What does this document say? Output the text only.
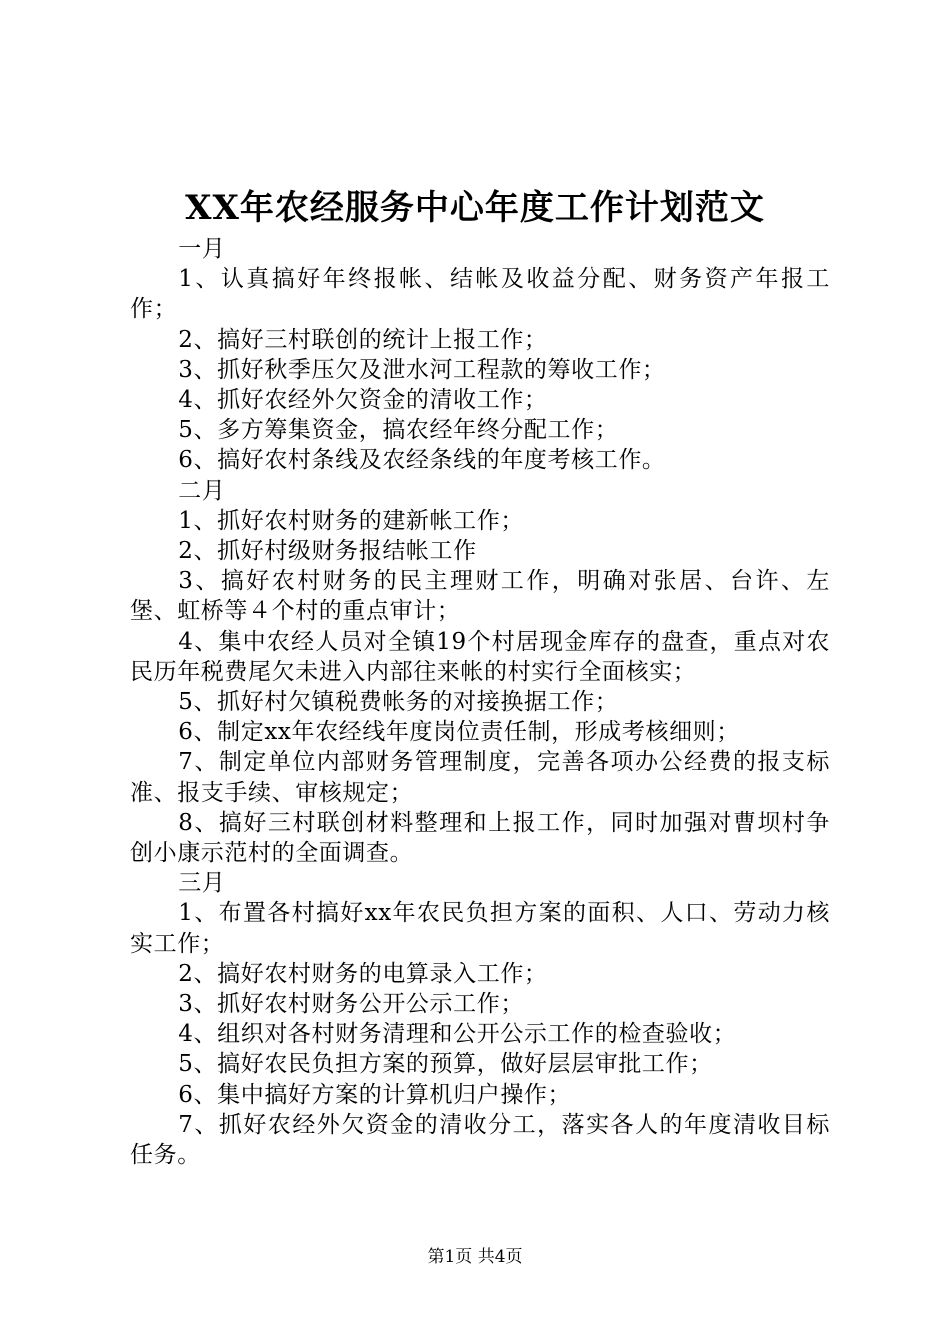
XX年农经服务中心年度工作计划范文

一月

1、认真搞好年终报帐、结帐及收益分配、财务资产年报工作；

2、搞好三村联创的统计上报工作；

3、抓好秋季压欠及泄水河工程款的筹收工作；

4、抓好农经外欠资金的清收工作；

5、多方筹集资金，搞农经年终分配工作；

6、搞好农村条线及农经条线的年度考核工作。

二月

1、抓好农村财务的建新帐工作；

2、抓好村级财务报结帐工作

3、搞好农村财务的民主理财工作，明确对张居、台许、左堡、虹桥等４个村的重点审计；

4、集中农经人员对全镇19个村居现金库存的盘查，重点对农民历年税费尾欠未进入内部往来帐的村实行全面核实；

5、抓好村欠镇税费帐务的对接换据工作；

6、制定xx年农经线年度岗位责任制，形成考核细则；

7、制定单位内部财务管理制度，完善各项办公经费的报支标准、报支手续、审核规定；

8、搞好三村联创材料整理和上报工作，同时加强对曹坝村争创小康示范村的全面调查。

三月

1、布置各村搞好xx年农民负担方案的面积、人口、劳动力核实工作；

2、搞好农村财务的电算录入工作；

3、抓好农村财务公开公示工作；

4、组织对各村财务清理和公开公示工作的检查验收；

5、搞好农民负担方案的预算，做好层层审批工作；

6、集中搞好方案的计算机归户操作；

7、抓好农经外欠资金的清收分工，落实各人的年度清收目标任务。

第1页 共4页
